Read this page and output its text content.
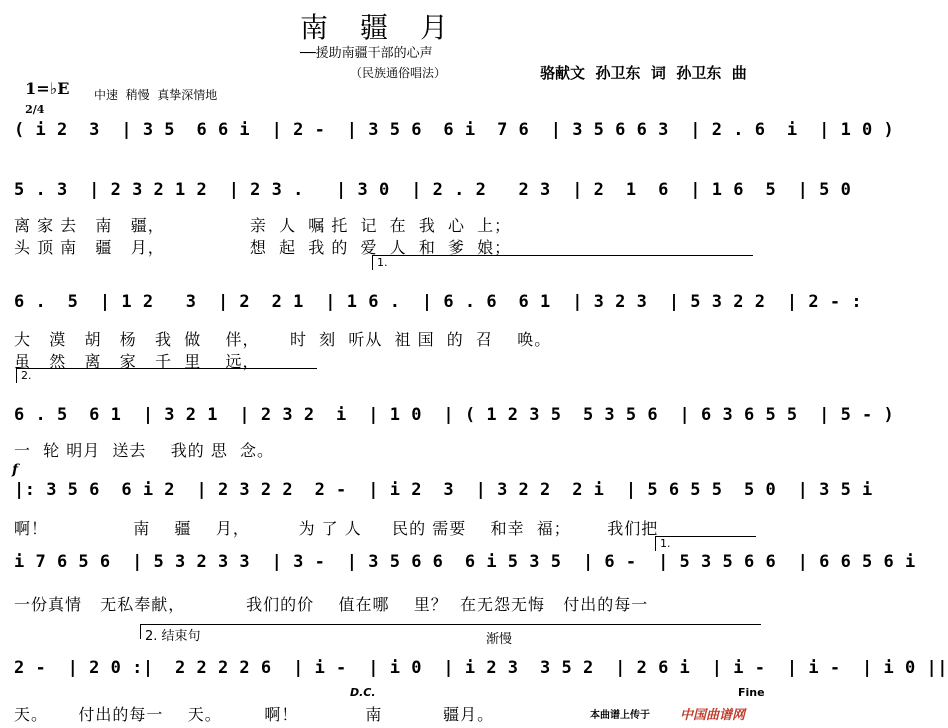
南疆月
──援助南疆干部的心声
（民族通俗唱法）	骆献文  孙卫东  词  孙卫东  曲

1=♭E
2/4

中速  稍慢  真挚深情地
( i 2  3  | 3 5  6 6 i  | 2 -  | 3 5 6  6 i  7 6  | 3 5 6 6 3  | 2 . 6  i  | 1 0 )
5 . 3  | 2 3 2 1 2  | 2 3 .   | 3 0  | 2 . 2   2 3  | 2  1  6  | 1 6  5  | 5 0
离 家 去   南   疆，              亲  人  嘱 托  记  在  我  心  上；
头 顶 南   疆   月，              想  起  我 的  爱  人  和  爹  娘；
1.
6 .  5  | 1 2   3  | 2  2 1  | 1 6 .  | 6 . 6  6 1  | 3 2 3  | 5 3 2 2  | 2 - :
大   漠   胡   杨   我  做    伴，     时  刻  听从  祖 国  的  召    唤。
虽   然   离   家   千  里    远，
2.
6 . 5  6 1  | 3 2 1  | 2 3 2  i  | 1 0  | ( 1 2 3 5  5 3 5 6  | 6 3 6 5 5  | 5 - )
一  轮 明月  送去    我的 思  念。
f
|: 3 5 6  6 i 2  | 2 3 2 2  2 -  | i 2  3  | 3 2 2  2 i  | 5 6 5 5  5 0  | 3 5 i
啊！              南    疆    月，        为 了 人     民的 需要    和幸  福；      我们把
1.
i 7 6 5 6  | 5 3 2 3 3  | 3 -  | 3 5 6 6  6 i 5 3 5  | 6 -  | 5 3 5 6 6  | 6 6 5 6 i
一份真情   无私奉献，          我们的价    值在哪    里？  在无怨无悔   付出的每一
2. 结束句	渐慢
2 -  | 2 0 :|  2 2 2 2 6  | i -  | i 0  | i 2 3  3 5 2  | 2 6 i  | i -  | i -  | i 0 ||
D.C.	Fine
天。     付出的每一    天。       啊！           南          疆月。	本曲谱上传于 中国曲谱网
